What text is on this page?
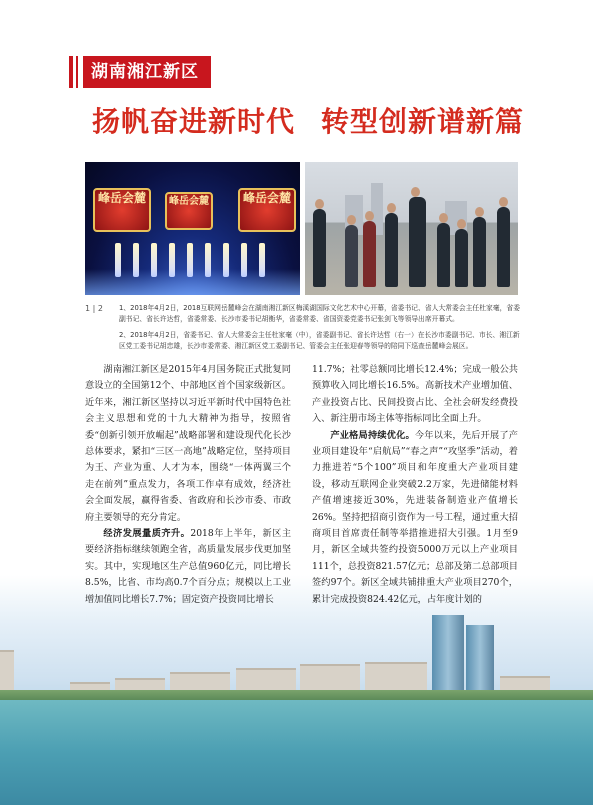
湖南湘江新区
扬帆奋进新时代 转型创新谱新篇
峰岳会麓	峰岳会麓	峰岳会麓
1 | 2 1、2018年4月2日，2018互联网岳麓峰会在湖南湘江新区梅溪湖国际文化艺术中心开幕，省委书记、省人大常委会主任杜家毫，省委副书记、省长许达哲，省委常委、长沙市委书记胡衡华，省委常委、省国资委党委书记张剑飞等领导出席开幕式。

2、2018年4月2日，省委书记、省人大常委会主任杜家毫（中），省委副书记、省长许达哲（右一）在长沙市委副书记、市长、湘江新区党工委书记胡忠雄，长沙市委常委、湘江新区党工委副书记、管委会主任张迎春等领导的陪同下巡查岳麓峰会展区。

湖南湘江新区是2015年4月国务院正式批复同意设立的全国第12个、中部地区首个国家级新区。近年来，湘江新区坚持以习近平新时代中国特色社会主义思想和党的十九大精神为指导，按照省委“创新引领开放崛起”战略部署和建设现代化长沙总体要求，紧扣“三区一高地”战略定位，坚持项目为王、产业为重、人才为本，围绕“一体两翼三个走在前列”重点发力，各项工作卓有成效，经济社会全面发展，赢得省委、省政府和长沙市委、市政府主要领导的充分肯定。

经济发展量质齐升。2018年上半年，新区主要经济指标继续领跑全省，高质量发展步伐更加坚实。其中，实现地区生产总值960亿元，同比增长8.5%，比省、市均高0.7个百分点；规模以上工业增加值同比增长7.7%；固定资产投资同比增长

11.7%；社零总额同比增长12.4%；完成一般公共预算收入同比增长16.5%。高新技术产业增加值、产业投资占比、民间投资占比、全社会研发经费投入、新注册市场主体等指标同比全面上升。

产业格局持续优化。今年以来，先后开展了产业项目建设年“启航局”“春之声”“攻坚季”活动，着力推进若“5个100”项目和年度重大产业项目建设，移动互联网企业突破2.2万家，先进储能材料产值增速接近30%，先进装备制造业产值增长26%。坚持把招商引资作为一号工程，通过重大招商项目首席责任制等举措推进招大引强。1月至9月，新区全域共签约投资5000万元以上产业项目111个，总投资821.57亿元；总部及第二总部项目签约97个。新区全域共铺排重大产业项目270个，累计完成投资824.42亿元，占年度计划的
